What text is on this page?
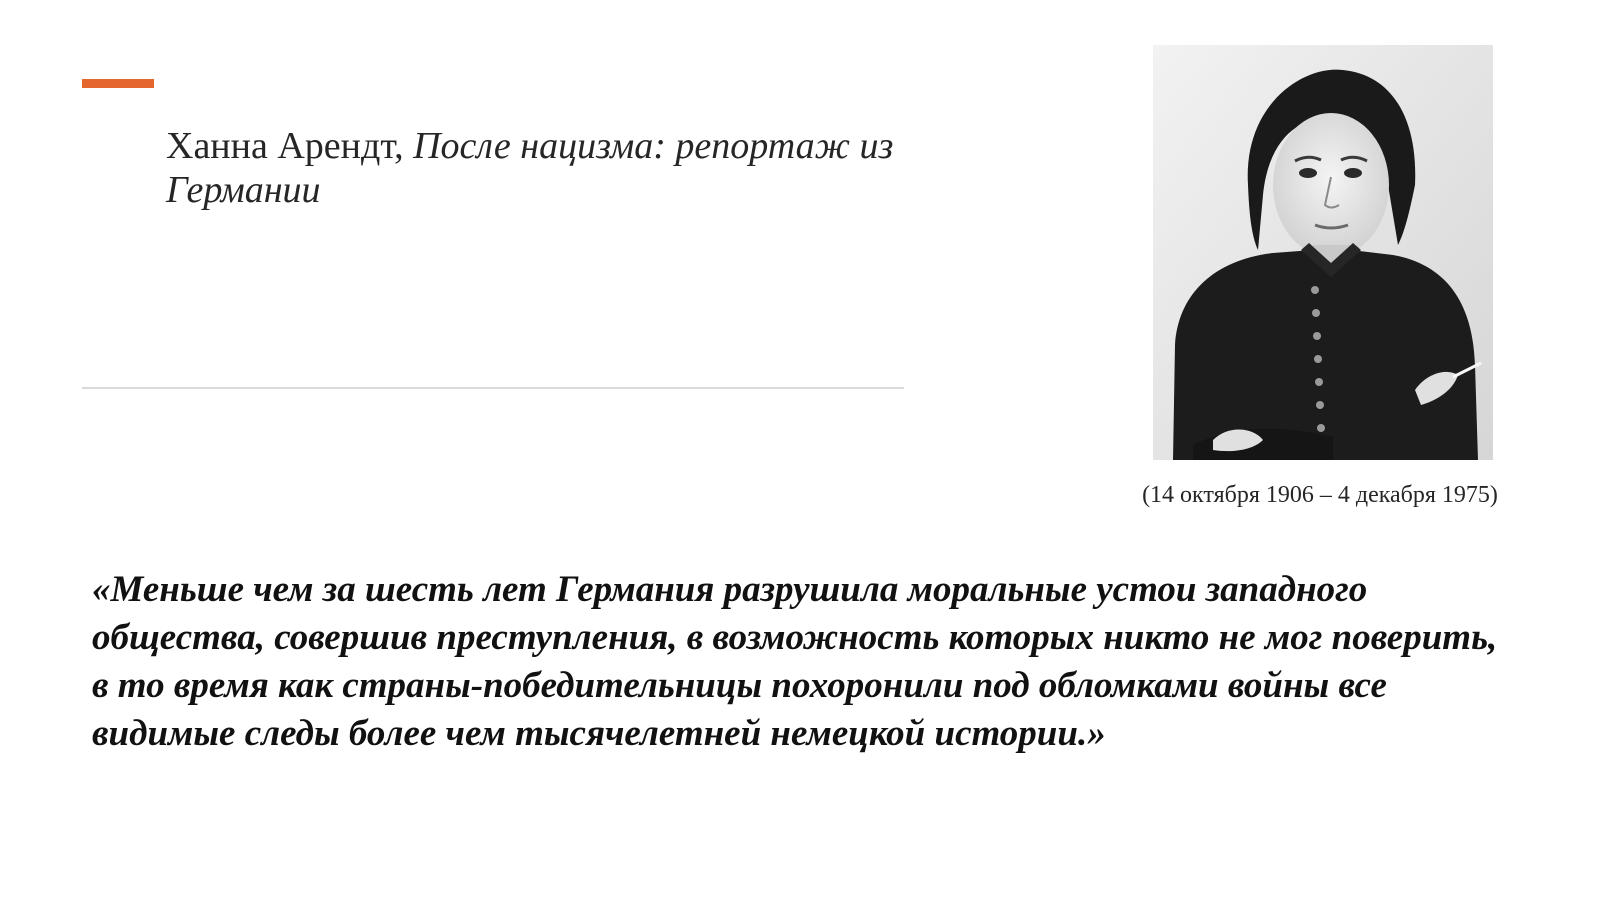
Ханна Арендт, После нацизма: репортаж из Германии
(14 октября 1906 – 4 декабря 1975)
«Меньше чем за шесть лет Германия разрушила моральные устои западного общества, совершив преступления, в возможность которых никто не мог поверить, в то время как страны-победительницы похоронили под обломками войны все видимые следы более чем тысячелетней немецкой истории.»
